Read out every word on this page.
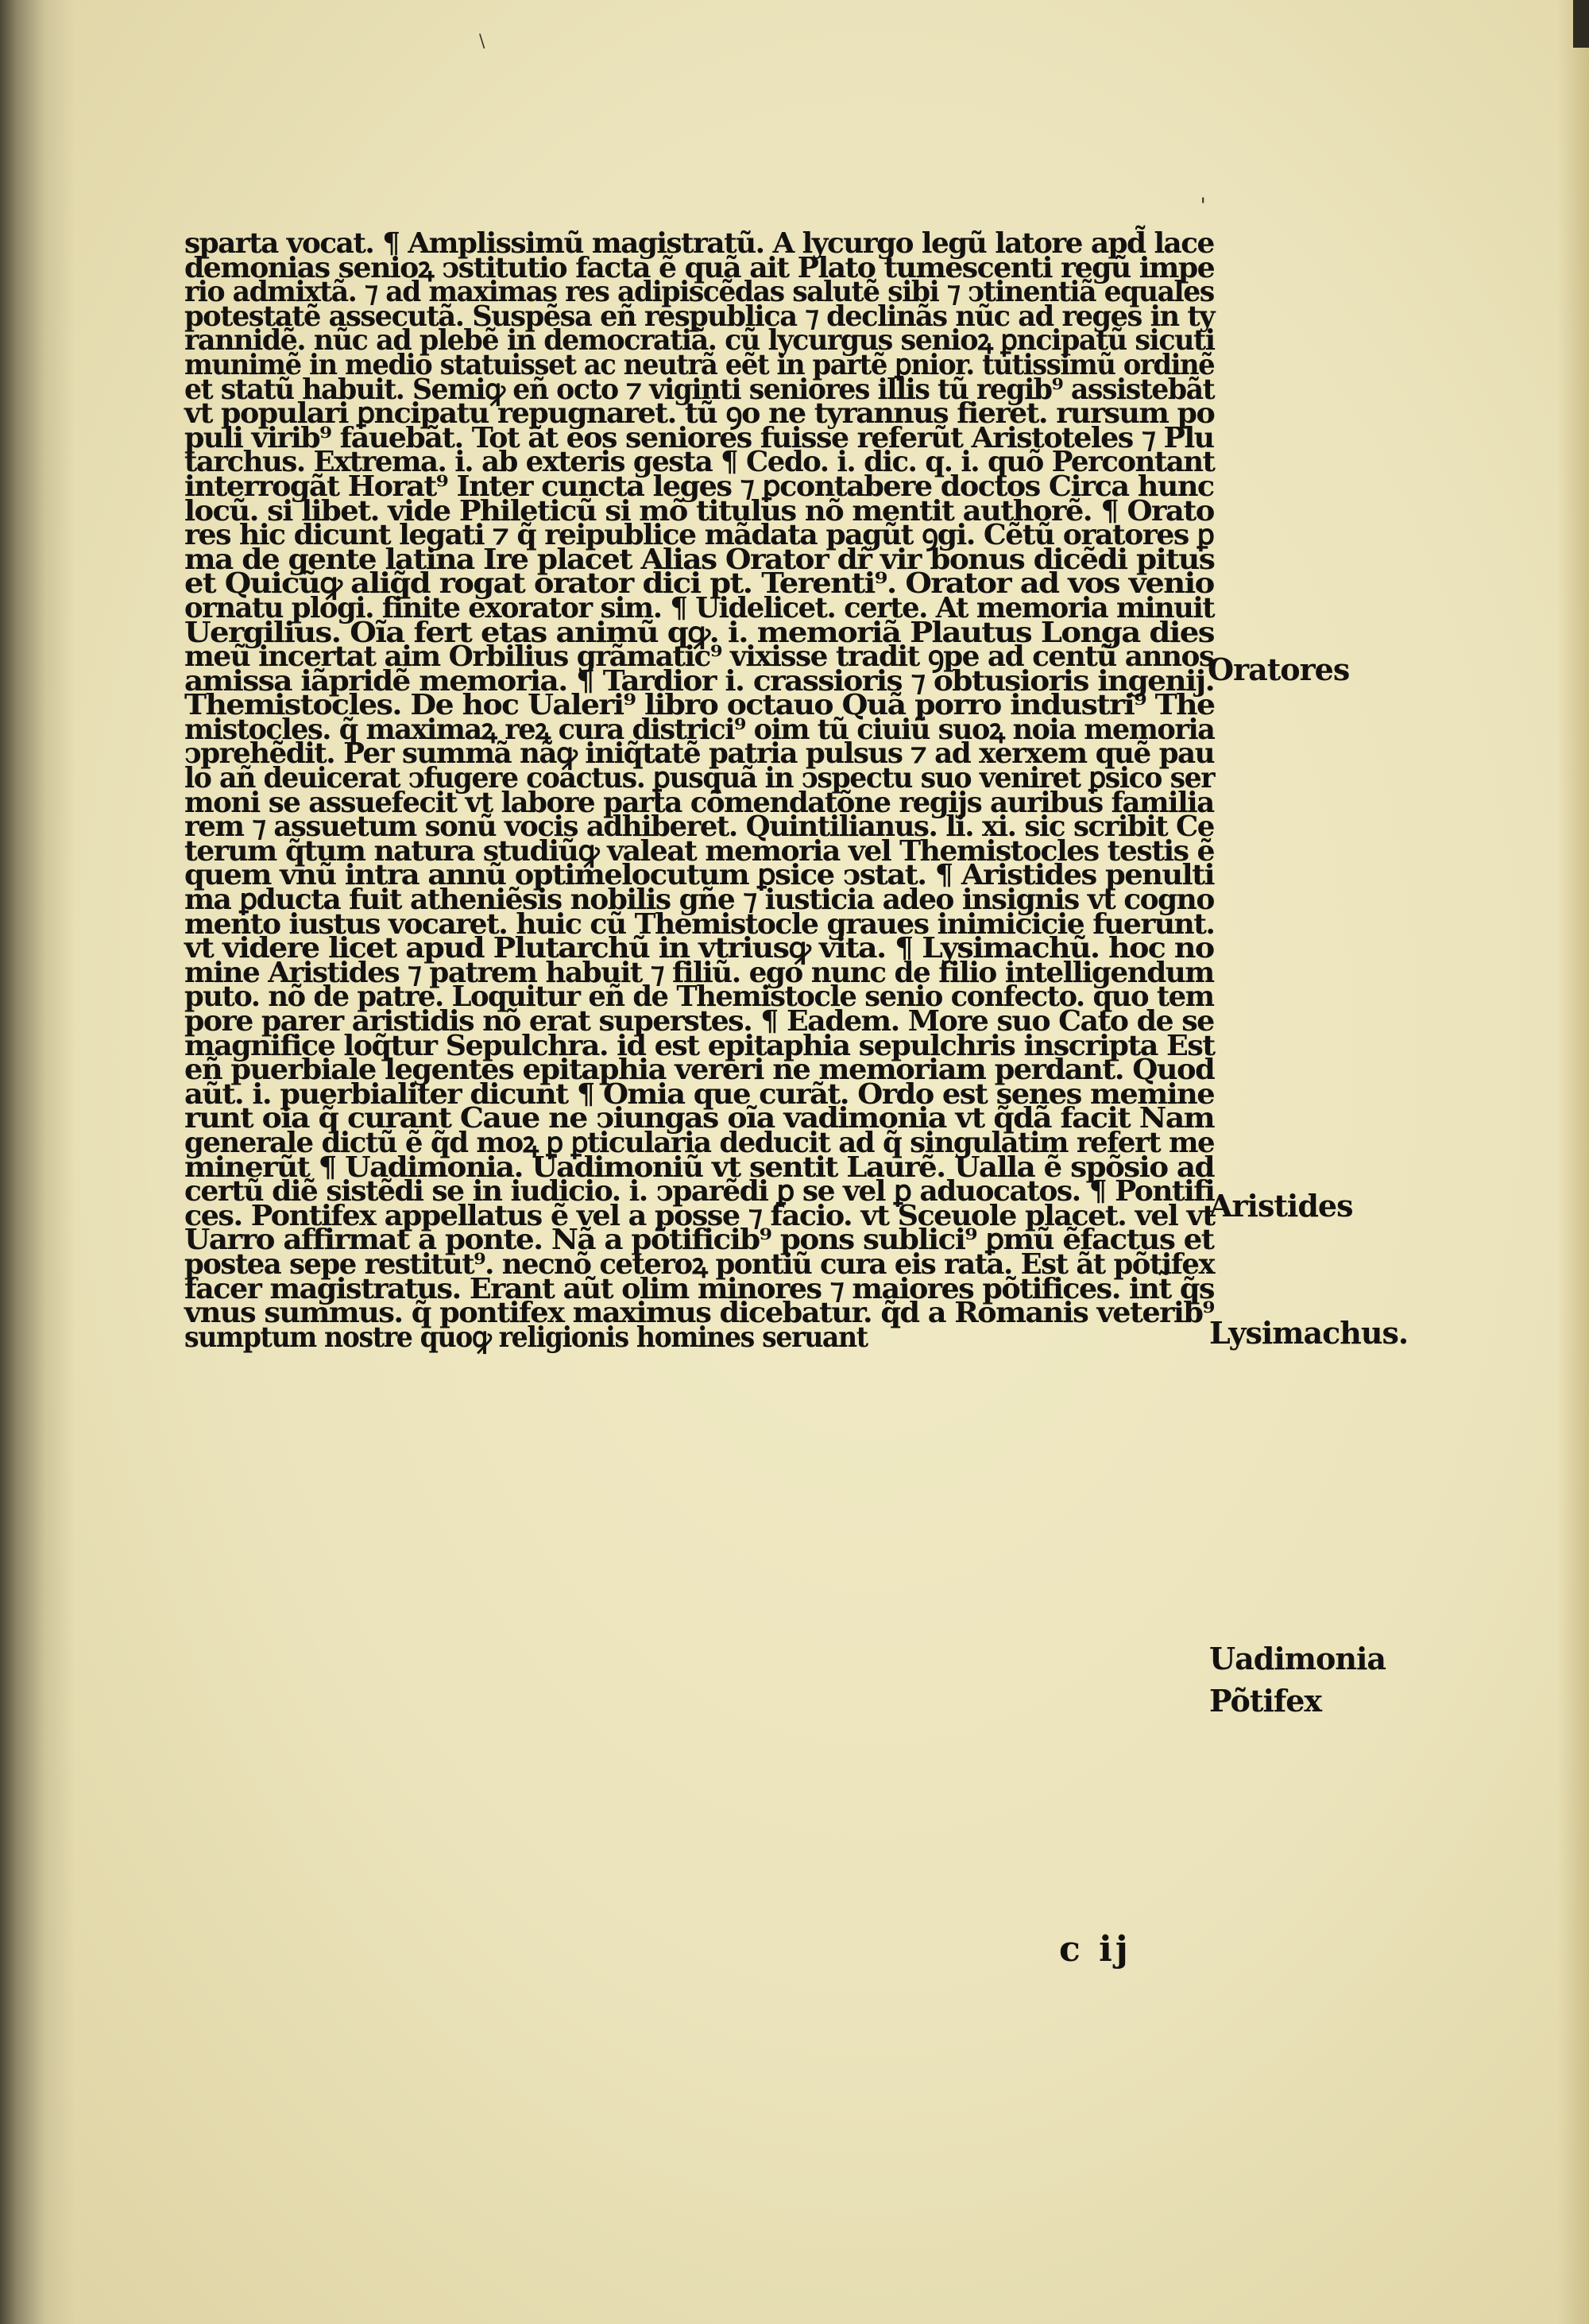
ˌ
\
sparta vocat. ¶ Amplissimũ magistratũ. A lycurgo legũ latore apd̃ lace
demonias senioꝝ ↄstitutio facta ẽ quã ait Plato tumescenti regũ impe
rio admixtã. ⁊ ad maximas res adipiscẽdas salutẽ sibi ⁊ ↄtinentiã equales
potestatẽ assecutã. Suspẽsa eñ respublica ⁊ declinãs nũc ad reges in ty
rannidẽ. nũc ad plebẽ in democratiã. cũ lycurgus senioꝝ ꝑncipatũ sicuti
munimẽ in medio statuisset ac neutrã eẽt in partẽ ꝑnior. tutissimũ ordinẽ
et statũ habuit. Semiꝙ eñ octo ⁊ viginti seniores illis tũ regib⁹ assistebãt
vt populari ꝑncipatu repugnaret. tũ ꝯo ne tyrannus fieret. rursum po
puli virib⁹ fauebãt. Tot ãt eos seniores fuisse referũt Aristoteles ⁊ Plu
tarchus. Extrema. i. ab exteris gesta ¶ Cedo. i. dic. q. i. quõ Percontant
interrogãt Horat⁹ Inter cuncta leges ⁊ ꝑcontabere doctos Circa hunc
locũ. si libet. vide Phileticũ si mõ titulus nõ mentit authorẽ. ¶ Orato
res hic dicunt legati ⁊ q̃ reipublice mãdata pagũt ꝯgi. Cẽtũ oratores ꝑ
ma de gente latina Ire placet Alias Orator dr̃ vir bonus dicẽdi pitus
et Quicũꝙ aliq̃d rogat orator dici pt. Terenti⁹. Orator ad vos venio
ornatu plogi. finite exorator sim. ¶ Uidelicet. certe. At memoria minuit
Uergilius. Oĩa fert etas animũ qꝙ. i. memoriã Plautus Longa dies
meũ incertat aim Orbilius grãmatic⁹ vixisse tradit ꝯpe ad centũ annos
amissa iãpridẽ memoria. ¶ Tardior i. crassioris ⁊ obtusioris ingenij.
Themistocles. De hoc Ualeri⁹ libro octauo Quã porro industri⁹ The
mistocles. q̃ maximaꝝ reꝝ cura districi⁹ oim tũ ciuiũ suoꝝ noia memoria
ↄprehẽdit. Per summã nãꝙ iniq̃tatẽ patria pulsus ⁊ ad xerxem quẽ pau
lo añ deuicerat ↄfugere coactus. ꝑusquã in ↄspectu suo veniret ꝑsico ser
moni se assuefecit vt labore parta cõmendatõne regijs auribus familia
rem ⁊ assuetum sonũ vocis adhiberet. Quintilianus. li. xi. sic scribit Ce
terum q̃tum natura studiũꝙ valeat memoria vel Themistocles testis ẽ
quem vnũ intra annũ optimelocutum ꝑsice ↄstat. ¶ Aristides penulti
ma ꝑducta fuit atheniẽsis nobilis gñe ⁊ iusticia adeo insignis vt cogno
mento iustus vocaret. huic cũ Themistocle graues inimicicie fuerunt.
vt videre licet apud Plutarchũ in vtriusꝙ vita. ¶ Lysimachũ. hoc no
mine Aristides ⁊ patrem habuit ⁊ filiũ. ego nunc de filio intelligendum
puto. nõ de patre. Loquitur eñ de Themistocle senio confecto. quo tem
pore parer aristidis nõ erat superstes. ¶ Eadem. More suo Cato de se
magnifice loq̃tur Sepulchra. id est epitaphia sepulchris inscripta Est
eñ puerbiale legentes epitaphia vereri ne memoriam perdant. Quod
aũt. i. puerbialiter dicunt ¶ Omia que curãt. Ordo est senes memine
runt oia q̃ curant Caue ne ↄiungas oĩa vadimonia vt q̃dã facit Nam
generale dictũ ẽ q̃d moꝝ ꝑ ꝑticularia deducit ad q̃ singulatim refert me
minerũt ¶ Uadimonia. Uadimoniũ vt sentit Laurẽ. Ualla ẽ spõsio ad
certũ diẽ sistẽdi se in iudicio. i. ↄparẽdi ꝑ se vel ꝑ aduocatos. ¶ Pontifi
ces. Pontifex appellatus ẽ vel a posse ⁊ facio. vt Sceuole placet. vel vt
Uarro affirmat a ponte. Nã a põtificib⁹ pons sublici⁹ ꝑmũ ẽfactus et
postea sepe restitut⁹. necnõ ceteroꝝ pontiũ cura eis rata. Est ãt põtifex
facer magistratus. Erant aũt olim minores ⁊ maiores põtifices. int̃ q̃s
vnus summus. q̃ pontifex maximus dicebatur. q̃d a Romanis veterib⁹
sumptum nostre quoꝙ religionis homines seruant
Oratores
Aristides
Lysimachus.
Uadimonia
Põtifex
c ij
